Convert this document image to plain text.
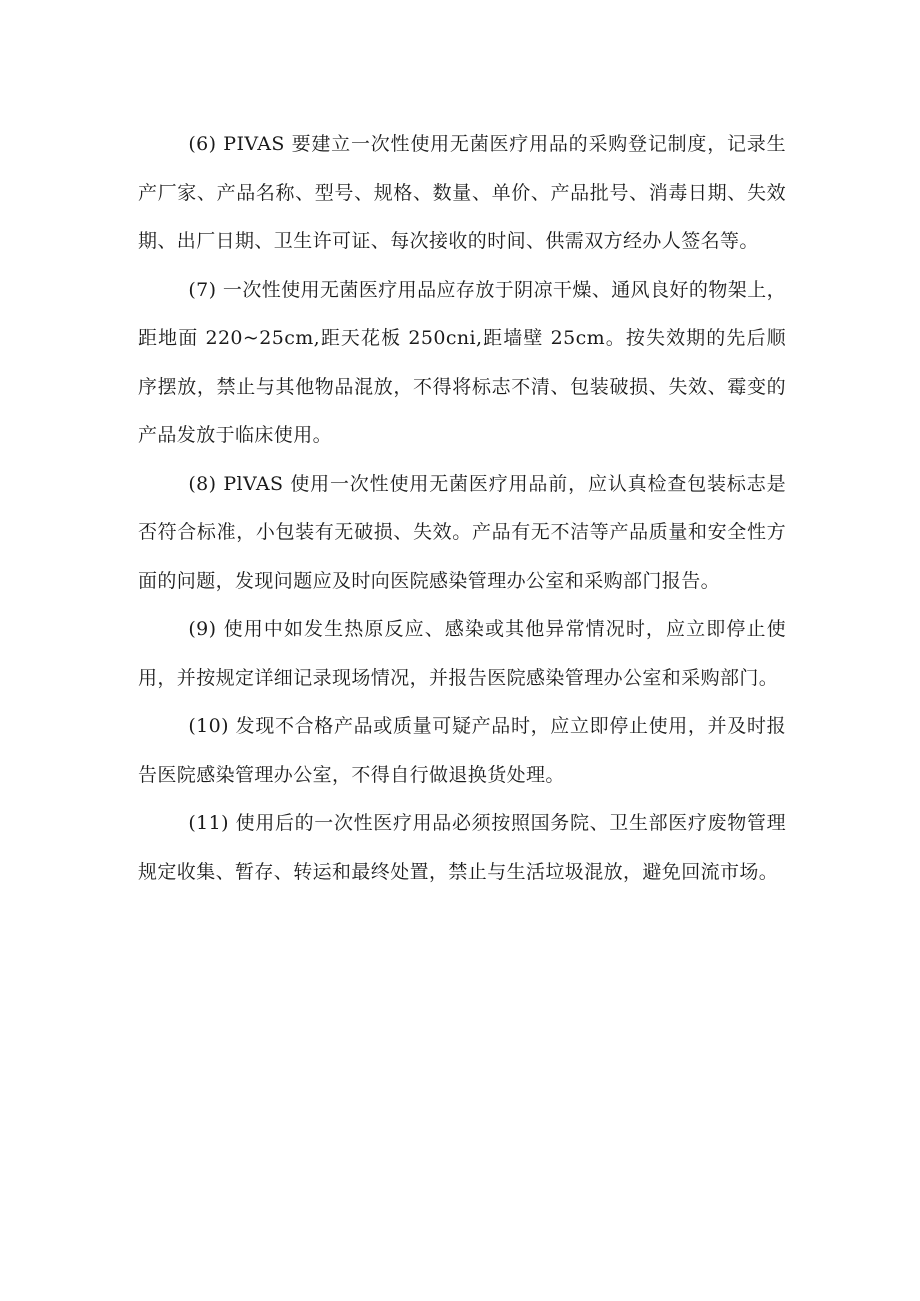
(6) PIVAS 要建立一次性使用无菌医疗用品的采购登记制度，记录生产厂家、产品名称、型号、规格、数量、单价、产品批号、消毒日期、失效期、出厂日期、卫生许可证、每次接收的时间、供需双方经办人签名等。

(7) 一次性使用无菌医疗用品应存放于阴凉干燥、通风良好的物架上，距地面 220~25cm,距天花板 250cni,距墙壁 25cm。按失效期的先后顺序摆放，禁止与其他物品混放，不得将标志不清、包装破损、失效、霉变的产品发放于临床使用。

(8) PlVAS 使用一次性使用无菌医疗用品前，应认真检查包装标志是否符合标准，小包装有无破损、失效。产品有无不洁等产品质量和安全性方面的问题，发现问题应及时向医院感染管理办公室和采购部门报告。

(9) 使用中如发生热原反应、感染或其他异常情况时，应立即停止使用，并按规定详细记录现场情况，并报告医院感染管理办公室和采购部门。

(10) 发现不合格产品或质量可疑产品时，应立即停止使用，并及时报告医院感染管理办公室，不得自行做退换货处理。

(11) 使用后的一次性医疗用品必须按照国务院、卫生部医疗废物管理规定收集、暂存、转运和最终处置，禁止与生活垃圾混放，避免回流市场。
